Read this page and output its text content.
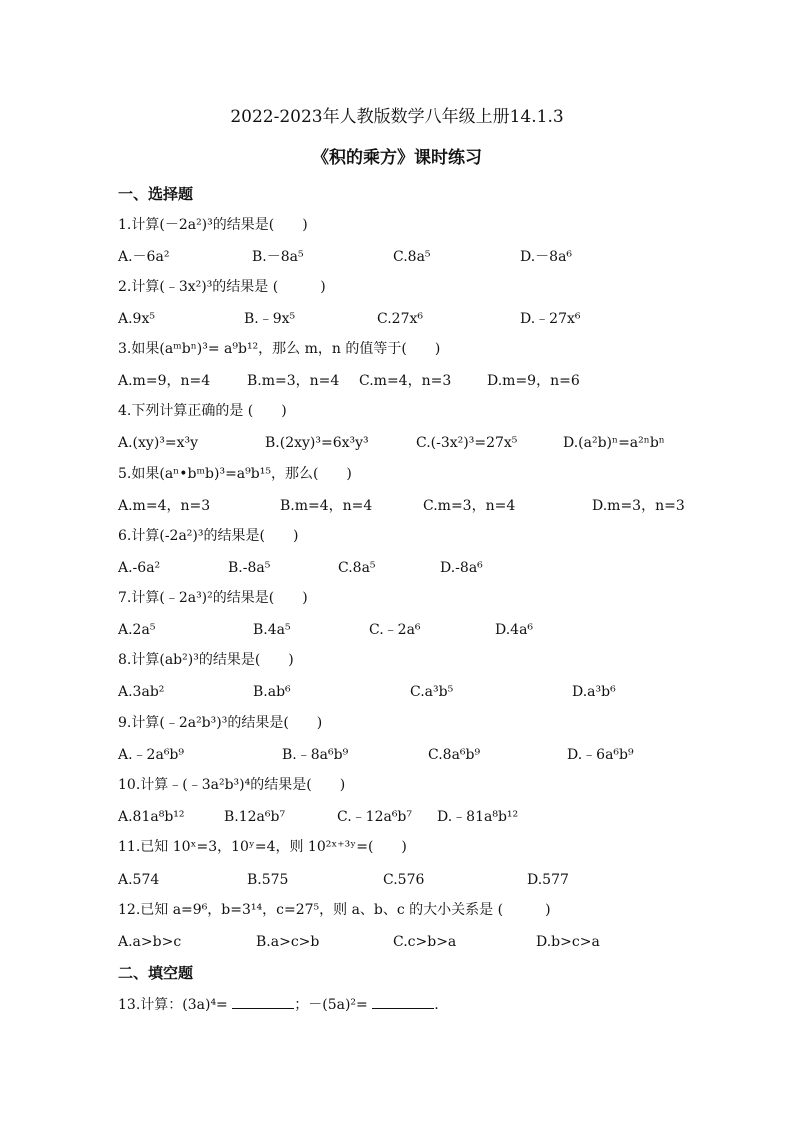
2022-2023年人教版数学八年级上册14.1.3
《积的乘方》课时练习
一、选择题
1.计算(－2a²)³的结果是(　　)
A.－6a²	B.－8a⁵	C.8a⁵	D.－8a⁶
2.计算(﹣3x²)³的结果是 (　　　)
A.9x⁵	B.﹣9x⁵	C.27x⁶	D.﹣27x⁶
3.如果(aᵐbⁿ)³= a⁹b¹²，那么 m，n 的值等于(　　)
A.m=9，n=4	B.m=3，n=4 C.m=4，n=3	D.m=9，n=6
4.下列计算正确的是 (　　)
A.(xy)³=x³y	B.(2xy)³=6x³y³	C.(-3x²)³=27x⁵	D.(a²b)ⁿ=a²ⁿbⁿ
5.如果(aⁿ•bᵐb)³=a⁹b¹⁵，那么(　　)
A.m=4，n=3	B.m=4，n=4	C.m=3，n=4	D.m=3，n=3
6.计算(-2a²)³的结果是(　　)
A.-6a²	B.-8a⁵	C.8a⁵	D.-8a⁶
7.计算(﹣2a³)²的结果是(　　)
A.2a⁵	B.4a⁵	C.﹣2a⁶	D.4a⁶
8.计算(ab²)³的结果是(　　)
A.3ab²	B.ab⁶	C.a³b⁵	D.a³b⁶
9.计算(﹣2a²b³)³的结果是(　　)
A.﹣2a⁶b⁹	B.﹣8a⁶b⁹	C.8a⁶b⁹	D.﹣6a⁶b⁹
10.计算﹣(﹣3a²b³)⁴的结果是(　　)
A.81a⁸b¹²	B.12a⁶b⁷	C.﹣12a⁶b⁷ D.﹣81a⁸b¹²
11.已知 10ˣ=3，10ʸ=4，则 10²ˣ⁺³ʸ=(　　)
A.574	B.575	C.576	D.577
12.已知 a=9⁶，b=3¹⁴，c=27⁵，则 a、b、c 的大小关系是 (　　　)
A.a>b>c	B.a>c>b	C.c>b>a	D.b>c>a
二、填空题
13.计算：(3a)⁴=	；－(5a)²=	.
